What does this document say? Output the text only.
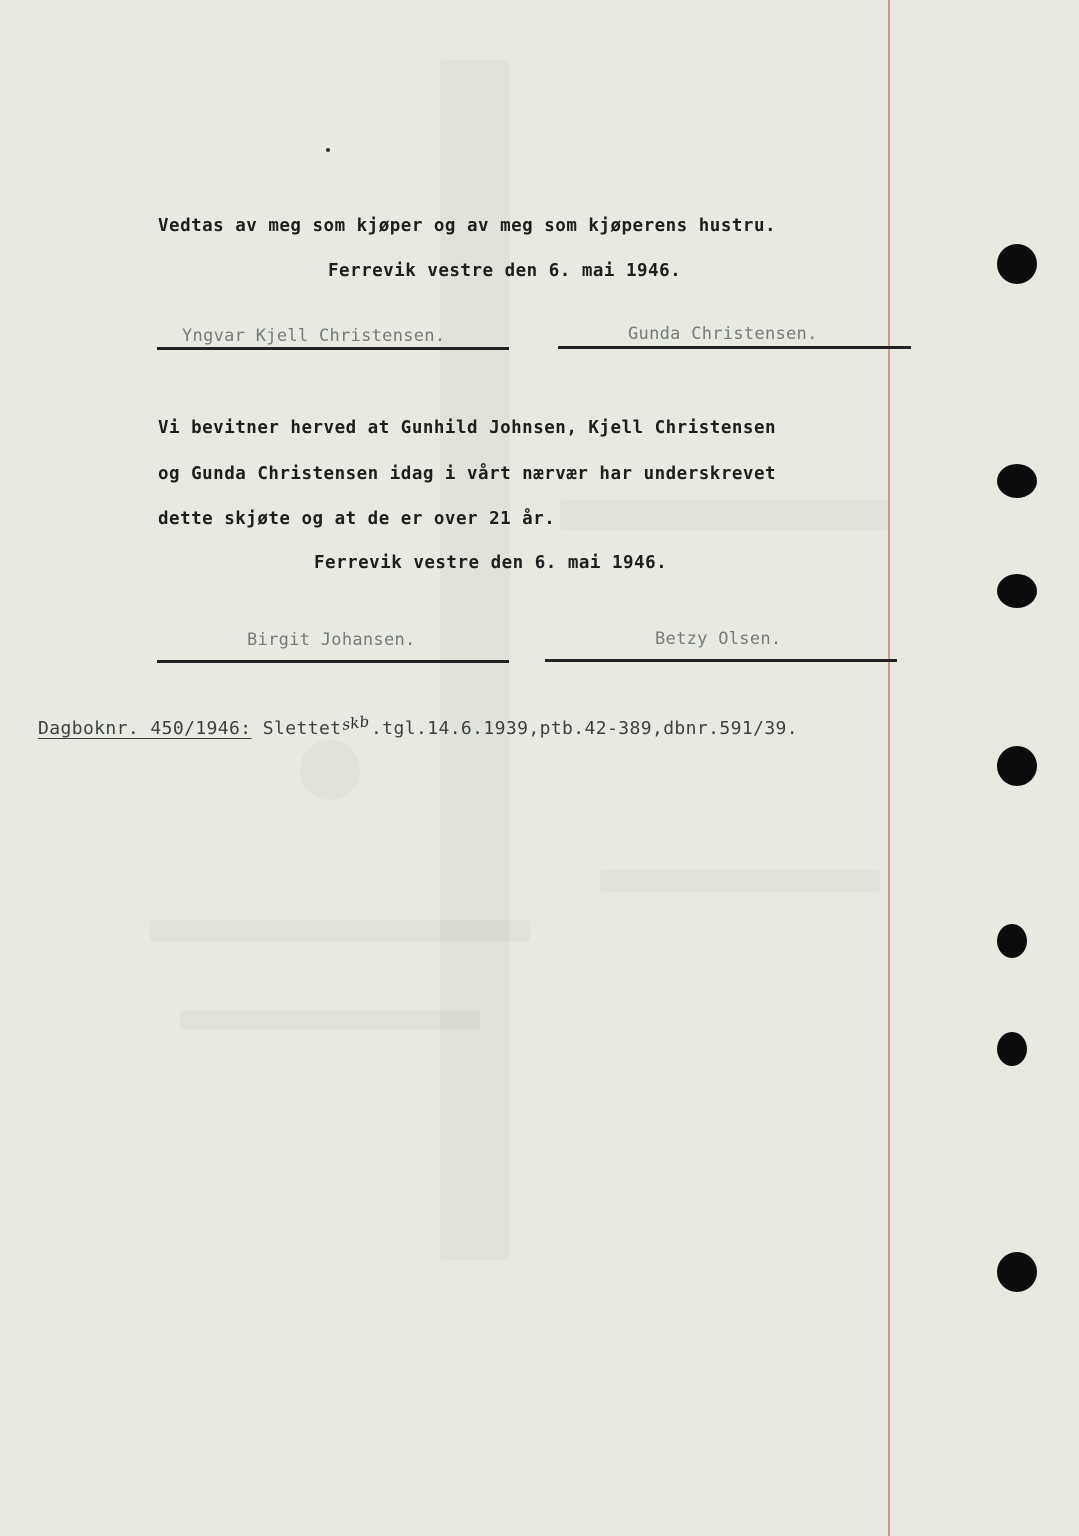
Vedtas av meg som kjøper og av meg som kjøperens hustru.
Ferrevik vestre den 6. mai 1946.
Yngvar Kjell Christensen.	Gunda Christensen.
Vi bevitner herved at Gunhild Johnsen, Kjell Christensen
og Gunda Christensen idag i vårt nærvær har underskrevet
dette skjøte og at de er over 21 år.
Ferrevik vestre den 6. mai 1946.
Birgit Johansen.	Betzy Olsen.
Dagboknr. 450/1946: Slettetskb.tgl.14.6.1939,ptb.42-389,dbnr.591/39.
